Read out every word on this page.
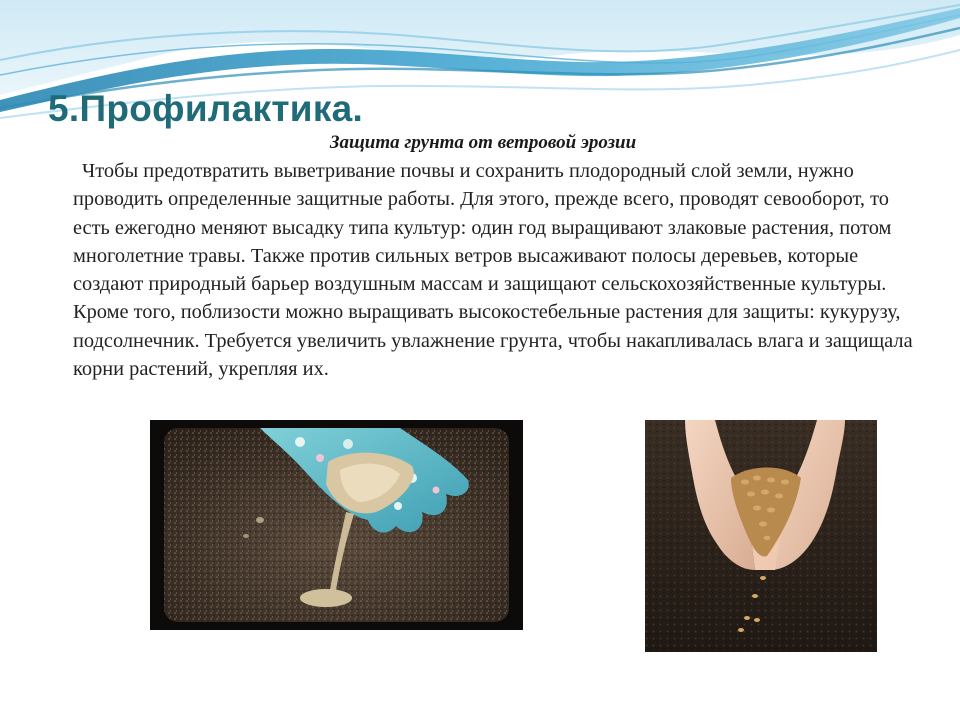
5.Профилактика.
Защита грунта от ветровой эрозии

Чтобы предотвратить выветривание почвы и сохранить плодородный слой земли, нужно проводить определенные защитные работы. Для этого, прежде всего, проводят севооборот, то есть ежегодно меняют высадку типа культур: один год выращивают злаковые растения, потом многолетние травы. Также против сильных ветров высаживают полосы деревьев, которые создают природный барьер воздушным массам и защищают сельскохозяйственные культуры. Кроме того, поблизости можно выращивать высокостебельные растения для защиты: кукурузу, подсолнечник. Требуется увеличить увлажнение грунта, чтобы накапливалась влага и защищала корни растений, укрепляя их.
